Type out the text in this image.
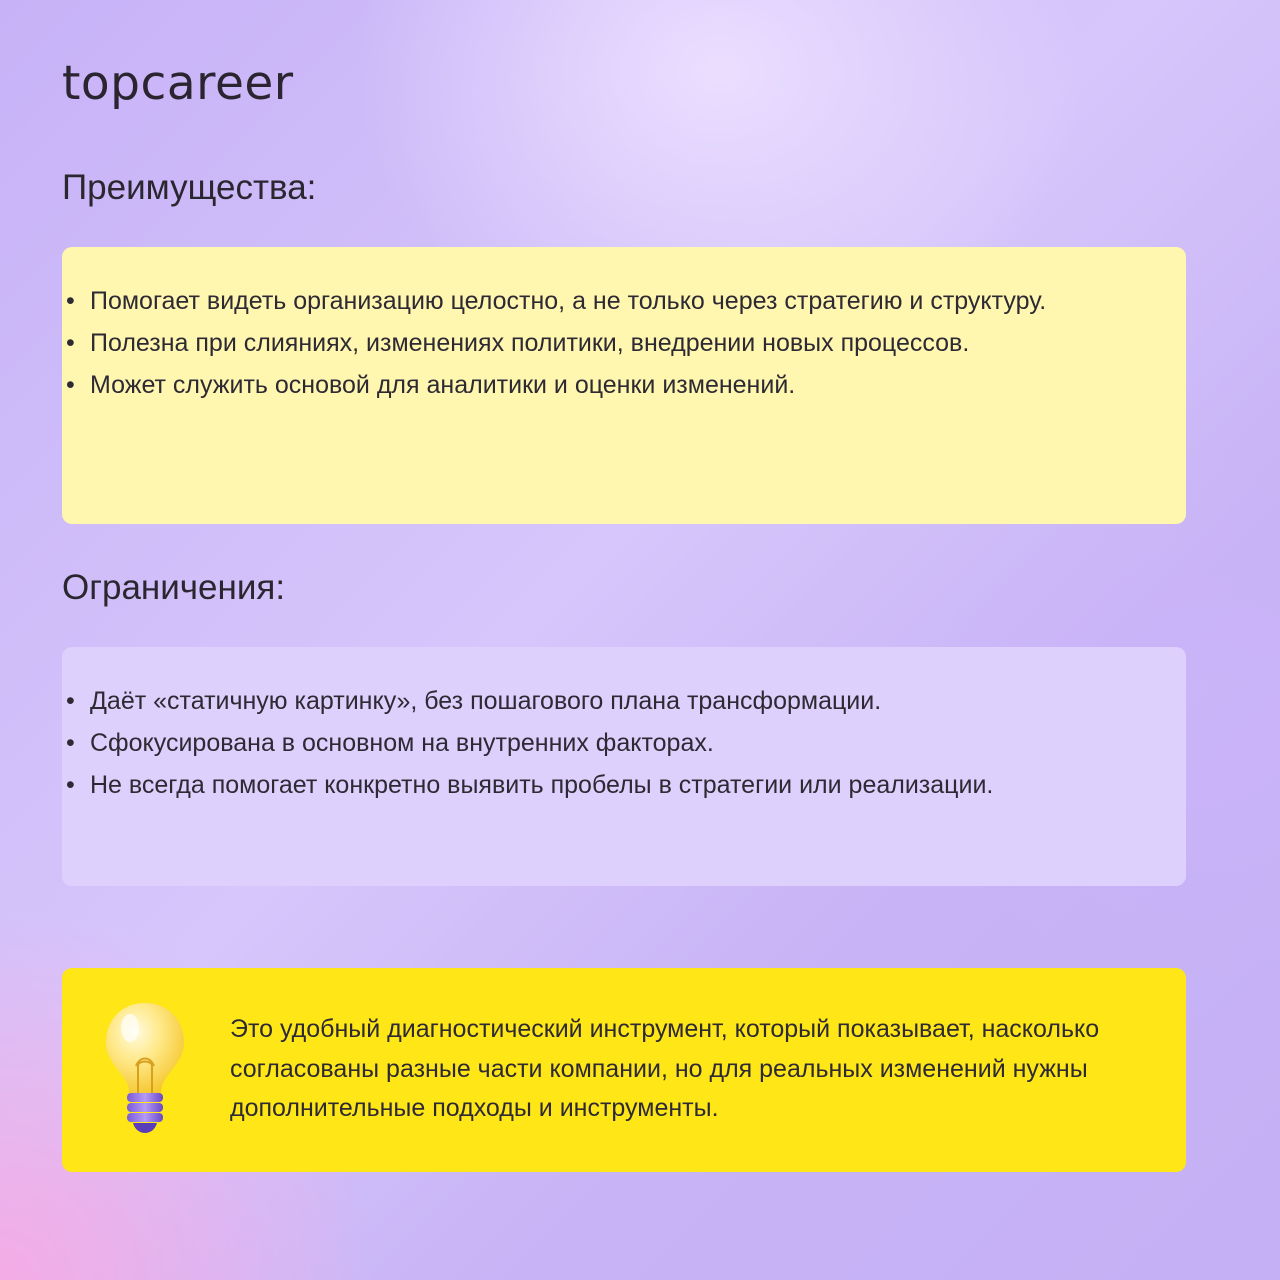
topcareer
Преимущества:
• Помогает видеть организацию целостно, а не только через стратегию и структуру.
• Полезна при слияниях, изменениях политики, внедрении новых процессов.
• Может служить основой для аналитики и оценки изменений.
Ограничения:
• Даёт «статичную картинку», без пошагового плана трансформации.
• Сфокусирована в основном на внутренних факторах.
• Не всегда помогает конкретно выявить пробелы в стратегии или реализации.
Это удобный диагностический инструмент, который показывает, насколько согласованы разные части компании, но для реальных изменений нужны дополнительные подходы и инструменты.
